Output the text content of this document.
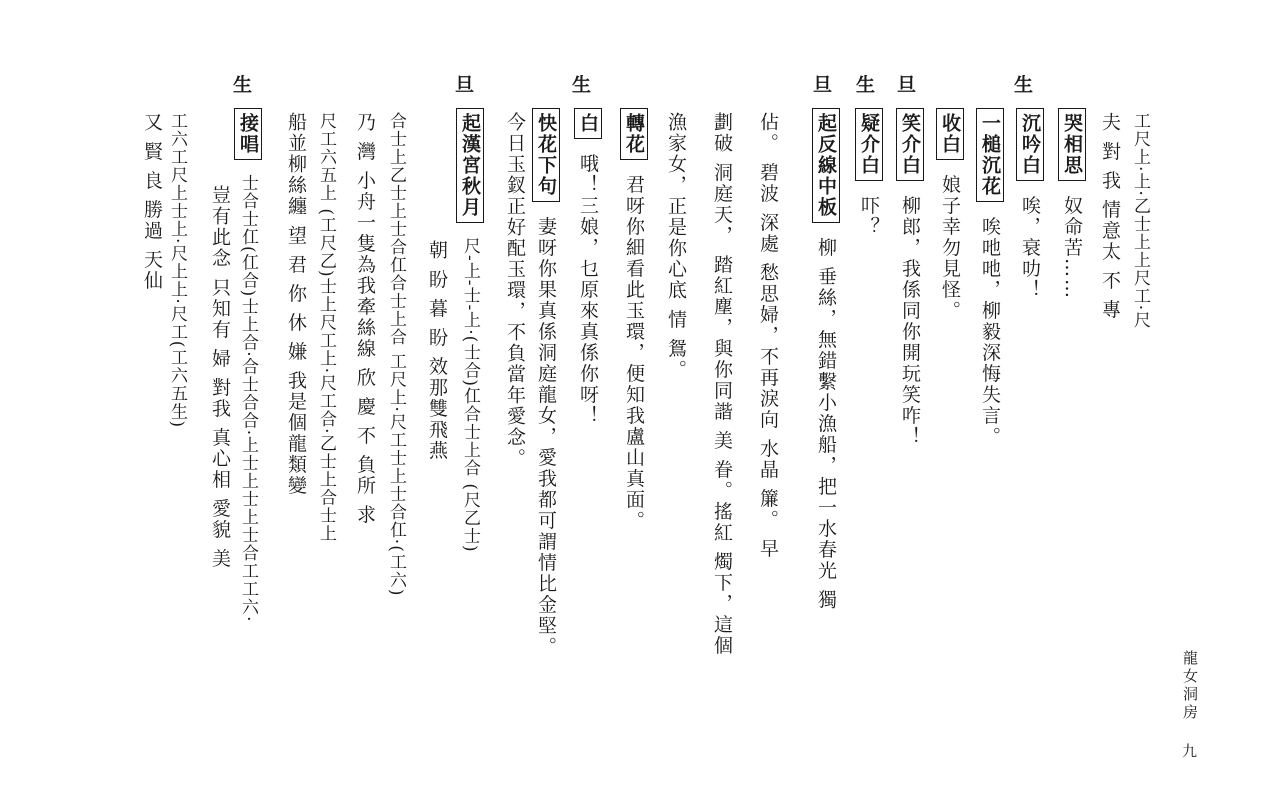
生
旦
生
旦
生
旦
生
工尺上·上·乙士上上尺工·尺
夫 對 我 情意太 不 專
哭相思 奴命苦……
沉吟白 唉，衰叻！
一槌沉花 唉吔吔，柳毅深悔失言。
收白 娘子幸勿見怪。
笑介白 柳郎，我係同你開玩笑咋！
疑介白 吓？
起反線中板 柳 垂絲，無錯繫小漁船，把一水春光 獨
佔。 碧波 深處 愁思婦，不再淚向 水晶 簾。 早
劃破 洞庭天， 踏紅塵，與你同諧 美 眷。搖紅 燭下，這個
漁家女，正是你心底 情 鴛。
轉花 君呀你細看此玉環，便知我盧山真面。
白 哦！三娘，乜原來真係你呀！
快花下句 妻呀你果真係洞庭龍女，愛我都可謂情比金堅。
今日玉釵正好配玉環，不負當年愛念。
起漢宮秋月 尺-上-士-上·(士合)仜合士上合 (尺乙士)
朝 盼 暮 盼 效那雙飛燕
合士上乙士上士合仜合士上合 工尺上·尺工士上士合仜·(工六)
乃 灣 小舟一隻為我牽絲線 欣 慶 不 負所 求
尺工六五上 (工尺乙)士上尺工上·尺工合·乙士上合士上
船並柳絲纏 望 君 你 休 嫌 我是個龍類變
接唱 士合士仜(仜合)士上合·合士合合·上士上士上士合工工六·
豈有此念 只知有 婦 對我 真心相 愛貌 美
工六工尺上士上·尺上上·尺工(工六五生)
又 賢 良 勝過 天仙
龍女洞房
九
